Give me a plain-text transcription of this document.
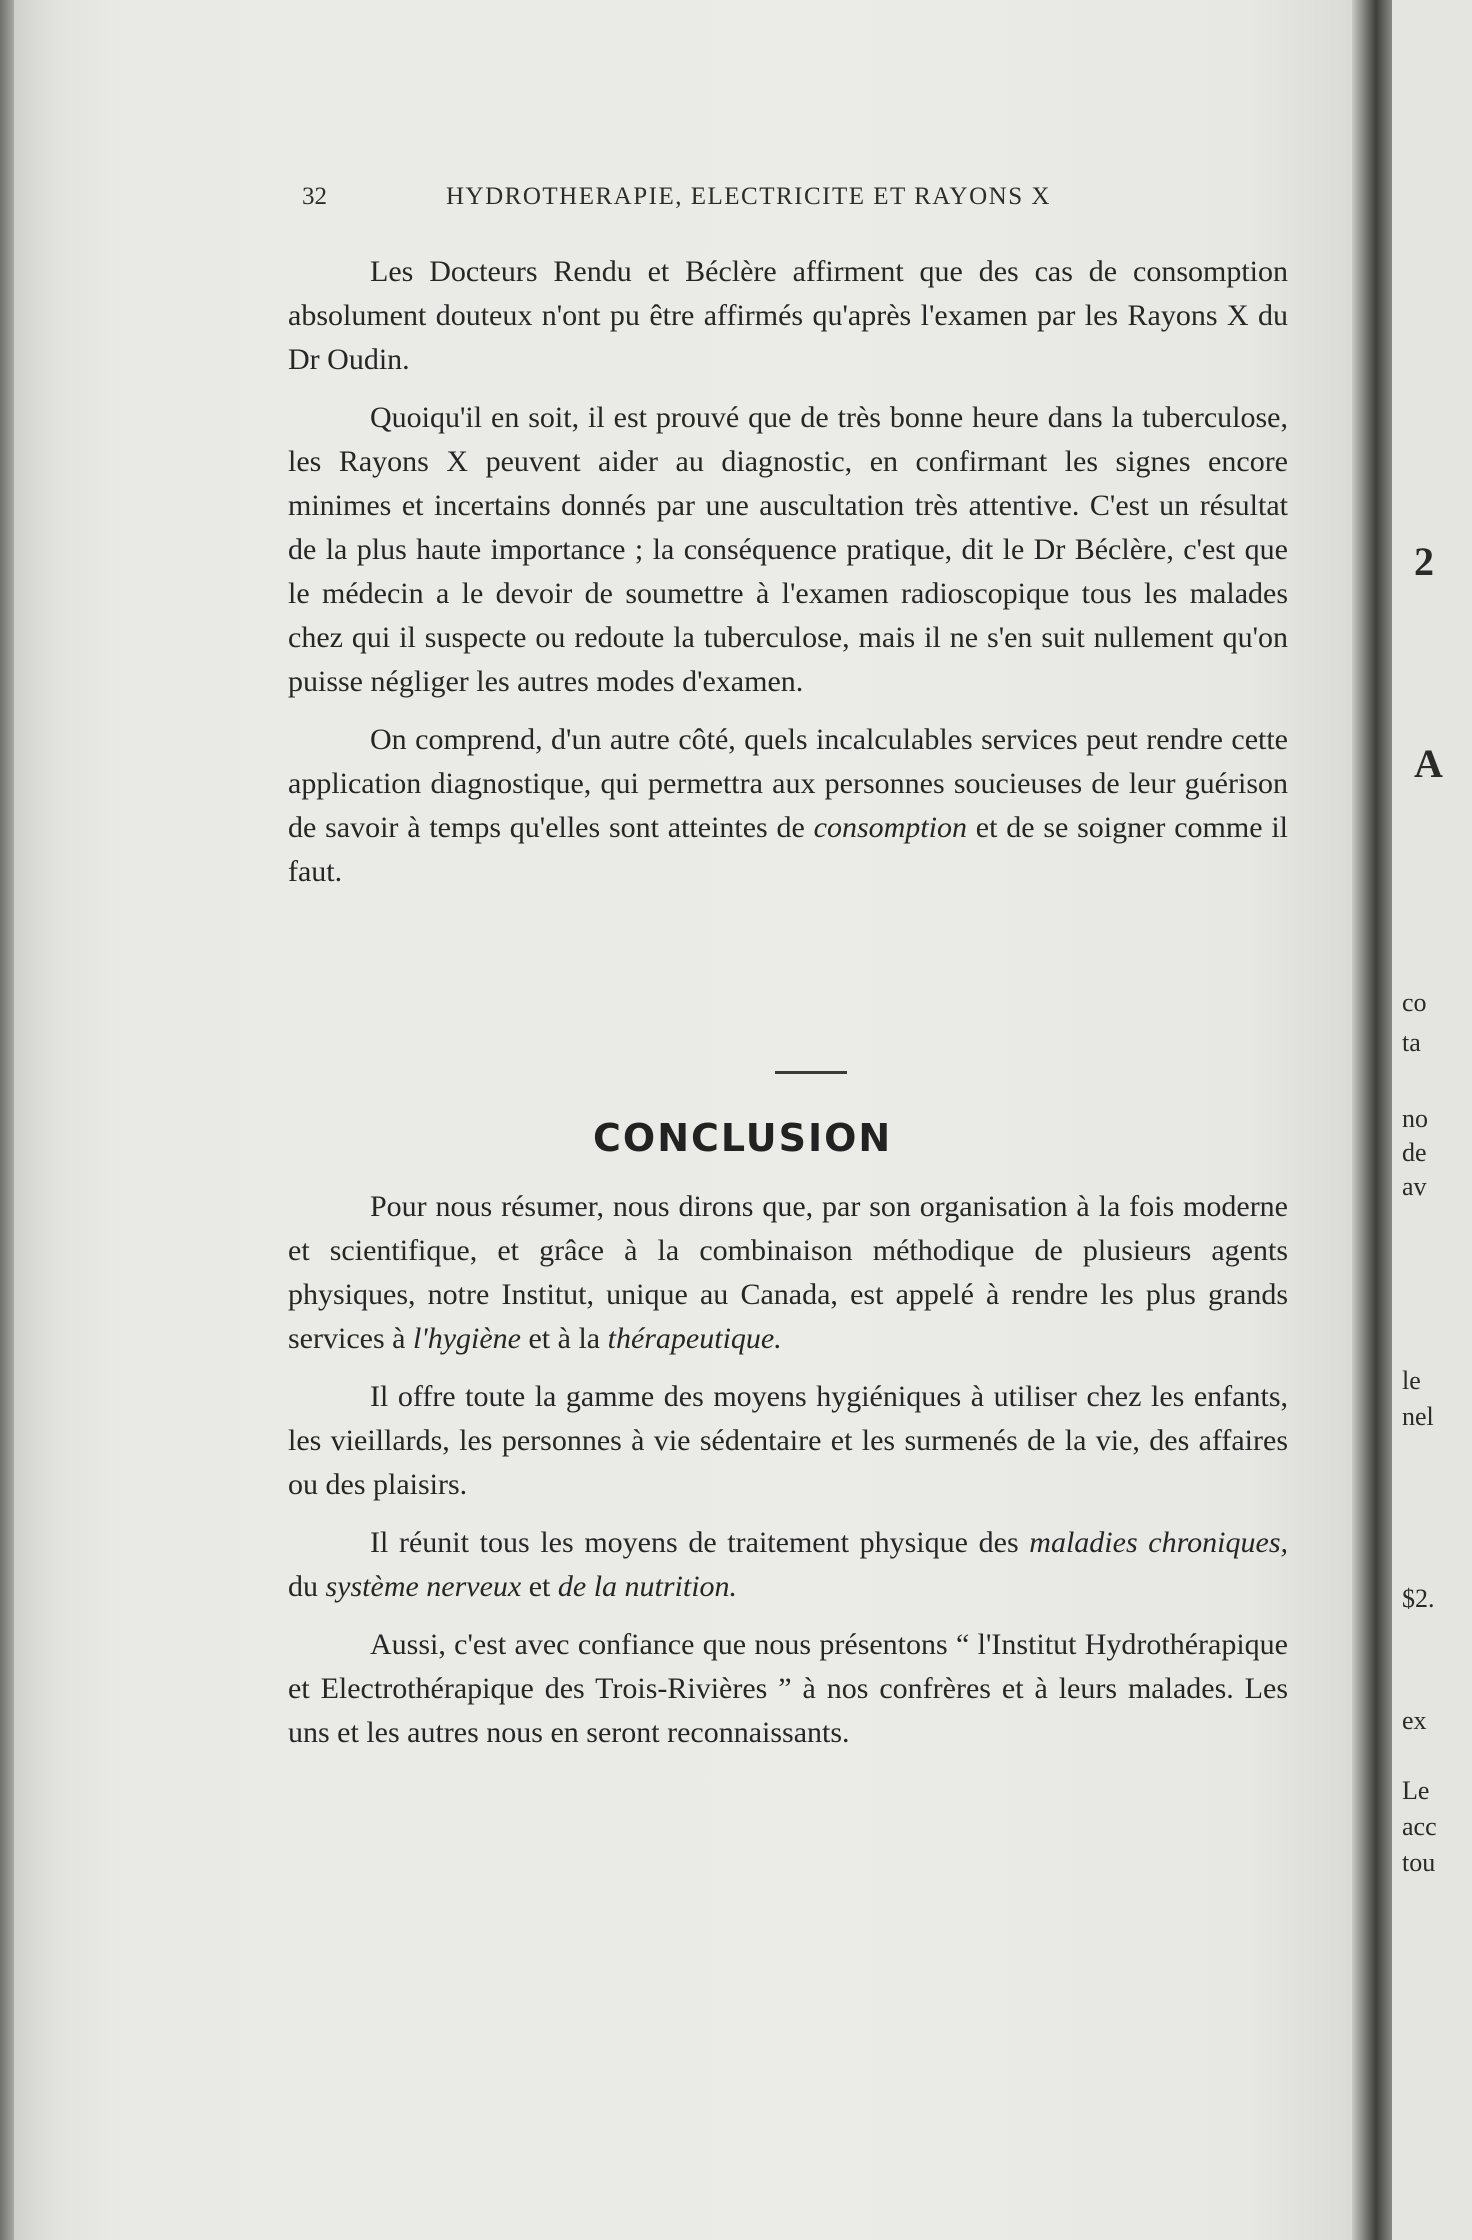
2
A
co
ta
no
de
av
le
nel
$2.
ex
Le
acc
tou
32	HYDROTHERAPIE, ELECTRICITE ET RAYONS X

Les Docteurs Rendu et Béclère affirment que des cas de consomption absolument douteux n'ont pu être affirmés qu'après l'examen par les Rayons X du Dr Oudin.

Quoiqu'il en soit, il est prouvé que de très bonne heure dans la tuberculose, les Rayons X peuvent aider au diagnostic, en confirmant les signes encore minimes et incertains donnés par une auscultation très attentive. C'est un résultat de la plus haute importance ; la conséquence pratique, dit le Dr Béclère, c'est que le médecin a le devoir de soumettre à l'examen radioscopique tous les malades chez qui il suspecte ou redoute la tuberculose, mais il ne s'en suit nullement qu'on puisse négliger les autres modes d'examen.

On comprend, d'un autre côté, quels incalculables services peut rendre cette application diagnostique, qui permettra aux personnes soucieuses de leur guérison de savoir à temps qu'elles sont atteintes de consomption et de se soigner comme il faut.

CONCLUSION

Pour nous résumer, nous dirons que, par son organisation à la fois moderne et scientifique, et grâce à la combinaison méthodique de plusieurs agents physiques, notre Institut, unique au Canada, est appelé à rendre les plus grands services à l'hygiène et à la thérapeutique.

Il offre toute la gamme des moyens hygiéniques à utiliser chez les enfants, les vieillards, les personnes à vie sédentaire et les surmenés de la vie, des affaires ou des plaisirs.

Il réunit tous les moyens de traitement physique des maladies chroniques, du système nerveux et de la nutrition.

Aussi, c'est avec confiance que nous présentons “ l'Institut Hydrothérapique et Electrothérapique des Trois-Rivières ” à nos confrères et à leurs malades. Les uns et les autres nous en seront reconnaissants.
